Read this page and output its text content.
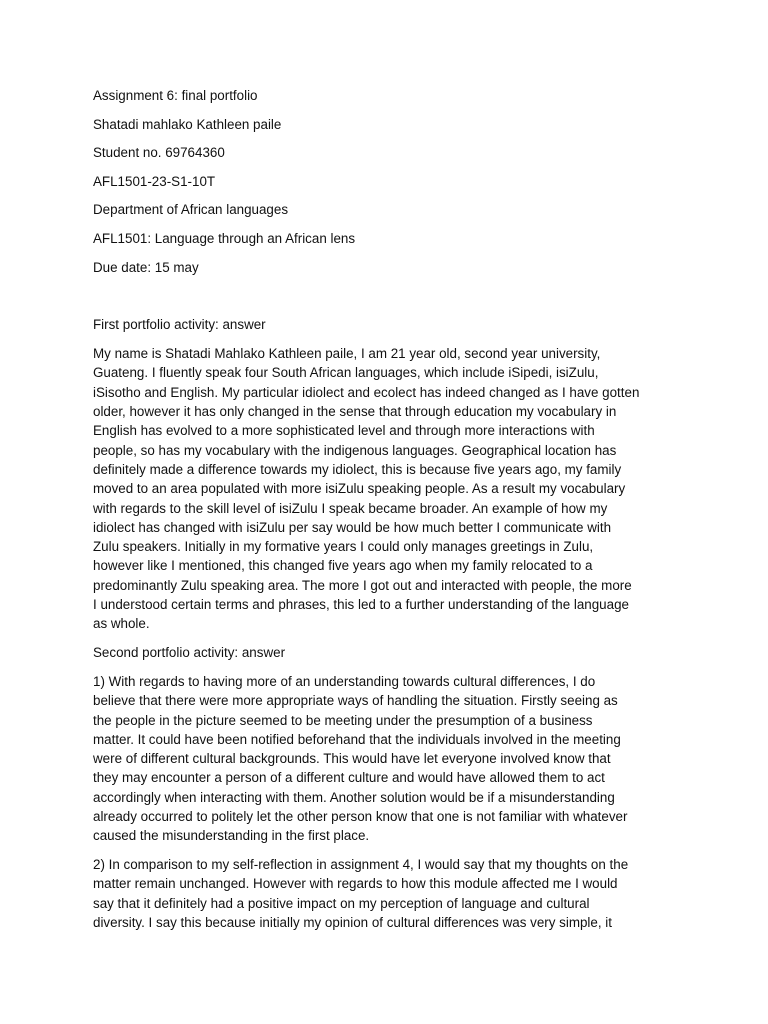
Assignment 6: final portfolio
Shatadi mahlako Kathleen paile
Student no. 69764360
AFL1501-23-S1-10T
Department of African languages
AFL1501: Language through an African lens
Due date: 15 may
First portfolio activity: answer
My name is Shatadi Mahlako Kathleen paile, I am 21 year old, second year university,
Guateng. I fluently speak four South African languages, which include iSipedi, isiZulu,
iSisotho and English. My particular idiolect and ecolect has indeed changed as I have gotten
older, however it has only changed in the sense that through education my vocabulary in
English has evolved to a more sophisticated level and through more interactions with
people, so has my vocabulary with the indigenous languages. Geographical location has
definitely made a difference towards my idiolect, this is because five years ago, my family
moved to an area populated with more isiZulu speaking people. As a result my vocabulary
with regards to the skill level of isiZulu I speak became broader. An example of how my
idiolect has changed with isiZulu per say would be how much better I communicate with
Zulu speakers. Initially in my formative years I could only manages greetings in Zulu,
however like I mentioned, this changed five years ago when my family relocated to a
predominantly Zulu speaking area. The more I got out and interacted with people, the more
I understood certain terms and phrases, this led to a further understanding of the language
as whole.
Second portfolio activity: answer
1) With regards to having more of an understanding towards cultural differences, I do
believe that there were more appropriate ways of handling the situation. Firstly seeing as
the people in the picture seemed to be meeting under the presumption of a business
matter. It could have been notified beforehand that the individuals involved in the meeting
were of different cultural backgrounds. This would have let everyone involved know that
they may encounter a person of a different culture and would have allowed them to act
accordingly when interacting with them. Another solution would be if a misunderstanding
already occurred to politely let the other person know that one is not familiar with whatever
caused the misunderstanding in the first place.
2) In comparison to my self-reflection in assignment 4, I would say that my thoughts on the
matter remain unchanged. However with regards to how this module affected me I would
say that it definitely had a positive impact on my perception of language and cultural
diversity. I say this because initially my opinion of cultural differences was very simple, it
